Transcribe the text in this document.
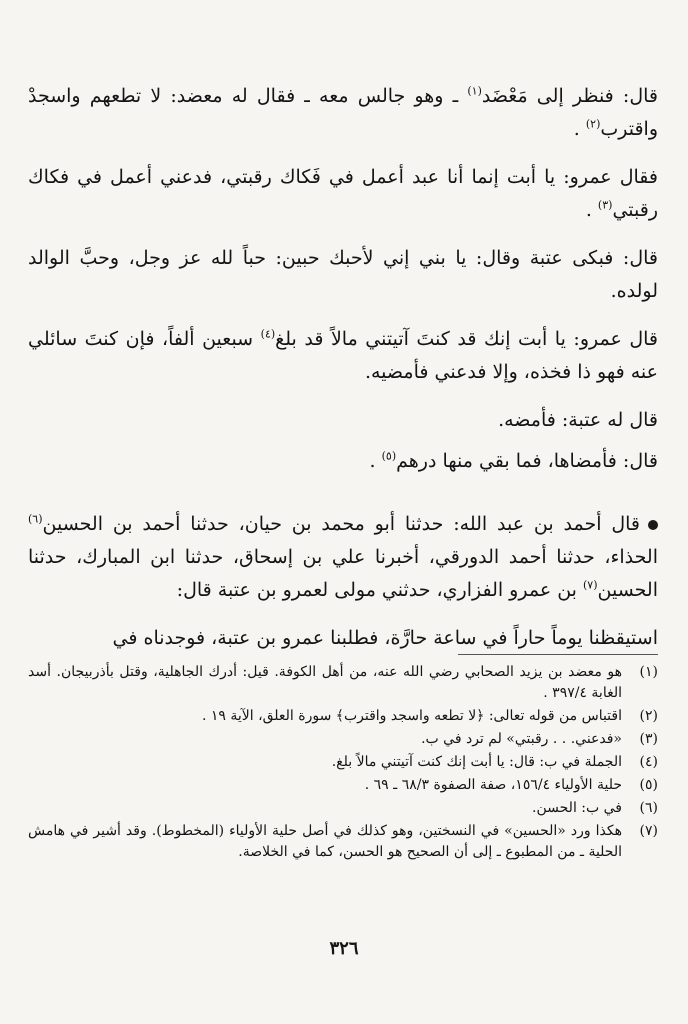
قال: فنظر إلى مَعْضَد$^{(١)}$ ـ وهو جالس معه ـ فقال له معضد: لا تطعهم واسجدْ واقترب$^{(٢)}$ .

فقال عمرو: يا أبت إنما أنا عبد أعمل في فَكاك رقبتي، فدعني أعمل في فكاك رقبتي$^{(٣)}$ .

قال: فبكى عتبة وقال: يا بني إني لأحبك حبين: حباً لله عز وجل، وحبَّ الوالد لولده.

قال عمرو: يا أبت إنك قد كنتَ آتيتني مالاً قد بلغ$^{(٤)}$ سبعين ألفاً، فإن كنتَ سائلي عنه فهو ذا فخذه، وإلا فدعني فأمضيه.

قال له عتبة: فأمضه.

قال: فأمضاها، فما بقي منها درهم$^{(٥)}$ .

قال أحمد بن عبد الله: حدثنا أبو محمد بن حيان، حدثنا أحمد بن الحسين$^{(٦)}$ الحذاء، حدثنا أحمد الدورقي، أخبرنا علي بن إسحاق، حدثنا ابن المبارك، حدثنا الحسين$^{(٧)}$ بن عمرو الفزاري، حدثني مولى لعمرو بن عتبة قال:

استيقظنا يوماً حاراً في ساعة حارَّة، فطلبنا عمرو بن عتبة، فوجدناه في

(١)
هو معضد بن يزيد الصحابي رضي الله عنه، من أهل الكوفة. قيل: أدرك الجاهلية، وقتل بأذربيجان. أسد الغابة ٣٩٧/٤ .
(٢)
اقتباس من قوله تعالى: ﴿لا تطعه واسجد واقترب﴾ سورة العلق، الآية ١٩ .
(٣)
«فدعني. . . رقبتي» لم ترد في ب.
(٤)
الجملة في ب: قال: يا أبت إنك كنت آتيتني مالاً بلغ.
(٥)
حلية الأولياء ١٥٦/٤، صفة الصفوة ٦٨/٣ ـ ٦٩ .
(٦)
في ب: الحسن.
(٧)
هكذا ورد «الحسين» في النسختين، وهو كذلك في أصل حلية الأولياء (المخطوط). وقد أشير في هامش الحلية ـ من المطبوع ـ إلى أن الصحيح هو الحسن، كما في الخلاصة.
٣٢٦
